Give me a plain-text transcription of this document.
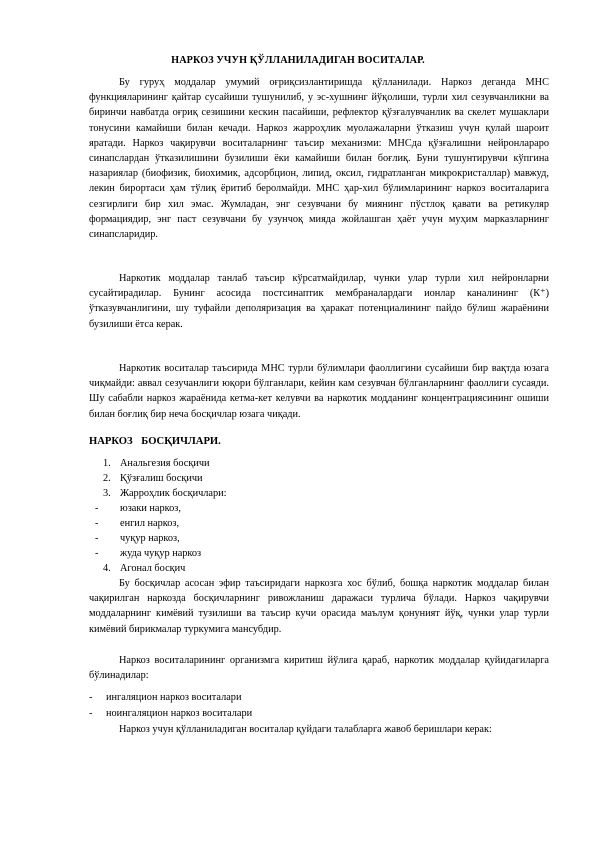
НАРКОЗ УЧУН ҚЎЛЛАНИЛАДИГАН ВОСИТАЛАР.

Бу гуруҳ моддалар умумий оғриқсизлантиришда қўлланилади. Наркоз деганда МНС функцияларининг қайтар сусайиши тушунилиб, у эс-хушнинг йўқолиши, турли хил сезувчанликни ва биринчи навбатда оғриқ сезишини кескин пасайиши, рефлектор қўзғалувчанлик ва скелет мушаклари тонусини камайиши билан кечади. Наркоз жарроҳлик муолажаларни ўтказиш учун қулай шароит яратади. Наркоз чақирувчи воситаларнинг таъсир механизми: МНСда қўзғалишни нейронлараро синапслардан ўтказилишини бузилиши ёки камайиши билан боғлиқ. Буни тушунтирувчи кўпгина назариялар (биофизик, биохимик, адсорбцион, липид, оксил, гидратланган микрокристаллар) мавжуд, лекин бирортаси ҳам тўлиқ ёритиб беролмайди. МНС ҳар-хил бўлимларининг наркоз воситаларига сезгирлиги бир хил эмас. Жумладан, энг сезувчани бу миянинг пўстлоқ қавати ва ретикуляр формациядир, энг паст сезувчани бу узунчоқ мияда жойлашган ҳаёт учун муҳим марказларнинг синапсларидир.

Наркотик моддалар танлаб таъсир кўрсатмайдилар, чунки улар турли хил нейронларни сусайтирадилар. Бунинг асосида постсинаптик мембраналардаги ионлар каналининг (К⁺) ўтказувчанлигини, шу туфайли деполяризация ва ҳаракат потенциалининг пайдо бўлиш жараёнини бузилиши ётса керак.

Наркотик воситалар таъсирида МНС турли бўлимлари фаоллигини сусайиши бир вақтда юзага чиқмайди: аввал сезучанлиги юқори бўлганлари, кейин кам сезувчан бўлганларнинг фаоллиги сусаяди. Шу сабабли наркоз жараёнида кетма-кет келувчи ва наркотик модданинг концентрациясининг ошиши билан боғлиқ бир неча босқичлар юзага чиқади.

НАРКОЗ БОСҚИЧЛАРИ.
1. Анальгезия босқичи
2. Қўзғалиш босқичи
3. Жарроҳлик босқичлари:
-	юзаки наркоз,
-	енгил наркоз,
-	чуқур наркоз,
-	жуда чуқур наркоз
4. Агонал босқич

Бу босқичлар асосан эфир таъсиридаги наркозга хос бўлиб, бошқа наркотик моддалар билан чақирилган наркозда босқичларнинг ривожланиш даражаси турлича бўлади. Наркоз чақирувчи моддаларнинг кимёвий тузилиши ва таъсир кучи орасида маълум қонуният йўқ, чунки улар турли кимёвий бирикмалар туркумига мансубдир.

Наркоз воситаларининг организмга киритиш йўлига қараб, наркотик моддалар қуйидагиларга бўлинадилар:

- ингаляцион наркоз воситалари
- ноингаляцион наркоз воситалари

Наркоз учун қўлланиладиган воситалар қуйдаги талабларга жавоб беришлари керак:
